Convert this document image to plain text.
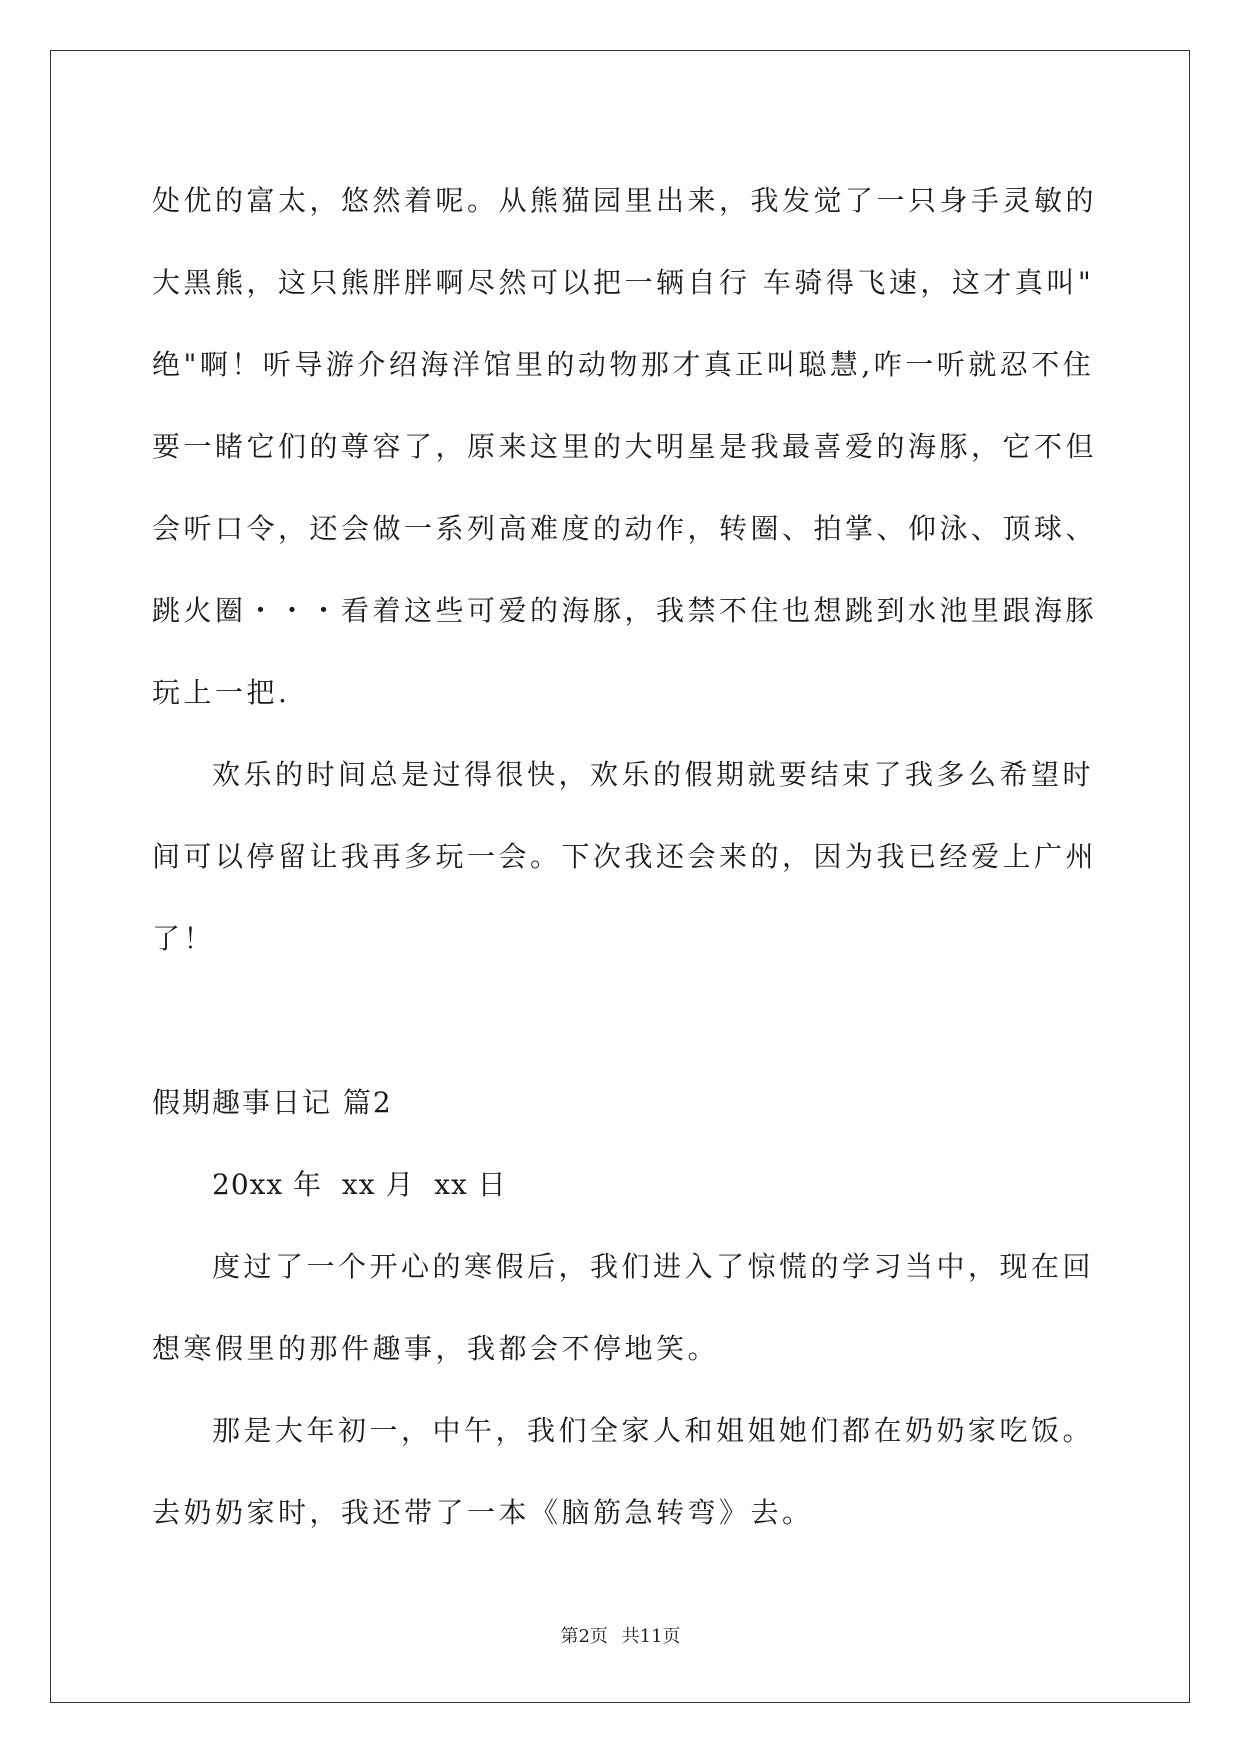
处优的富太，悠然着呢。从熊猫园里出来，我发觉了一只身手灵敏的
大黑熊，这只熊胖胖啊尽然可以把一辆自行 车骑得飞速，这才真叫"
绝"啊！听导游介绍海洋馆里的动物那才真正叫聪慧,咋一听就忍不住
要一睹它们的尊容了，原来这里的大明星是我最喜爱的海豚，它不但
会听口令，还会做一系列高难度的动作，转圈、拍掌、仰泳、顶球、
跳火圈・・・看着这些可爱的海豚，我禁不住也想跳到水池里跟海豚
玩上一把.
欢乐的时间总是过得很快，欢乐的假期就要结束了我多么希望时
间可以停留让我再多玩一会。下次我还会来的，因为我已经爱上广州
了！
假期趣事日记 篇2
20xx 年  xx 月  xx 日
度过了一个开心的寒假后，我们进入了惊慌的学习当中，现在回
想寒假里的那件趣事，我都会不停地笑。
那是大年初一，中午，我们全家人和姐姐她们都在奶奶家吃饭。
去奶奶家时，我还带了一本《脑筋急转弯》去。
第2页 共11页
